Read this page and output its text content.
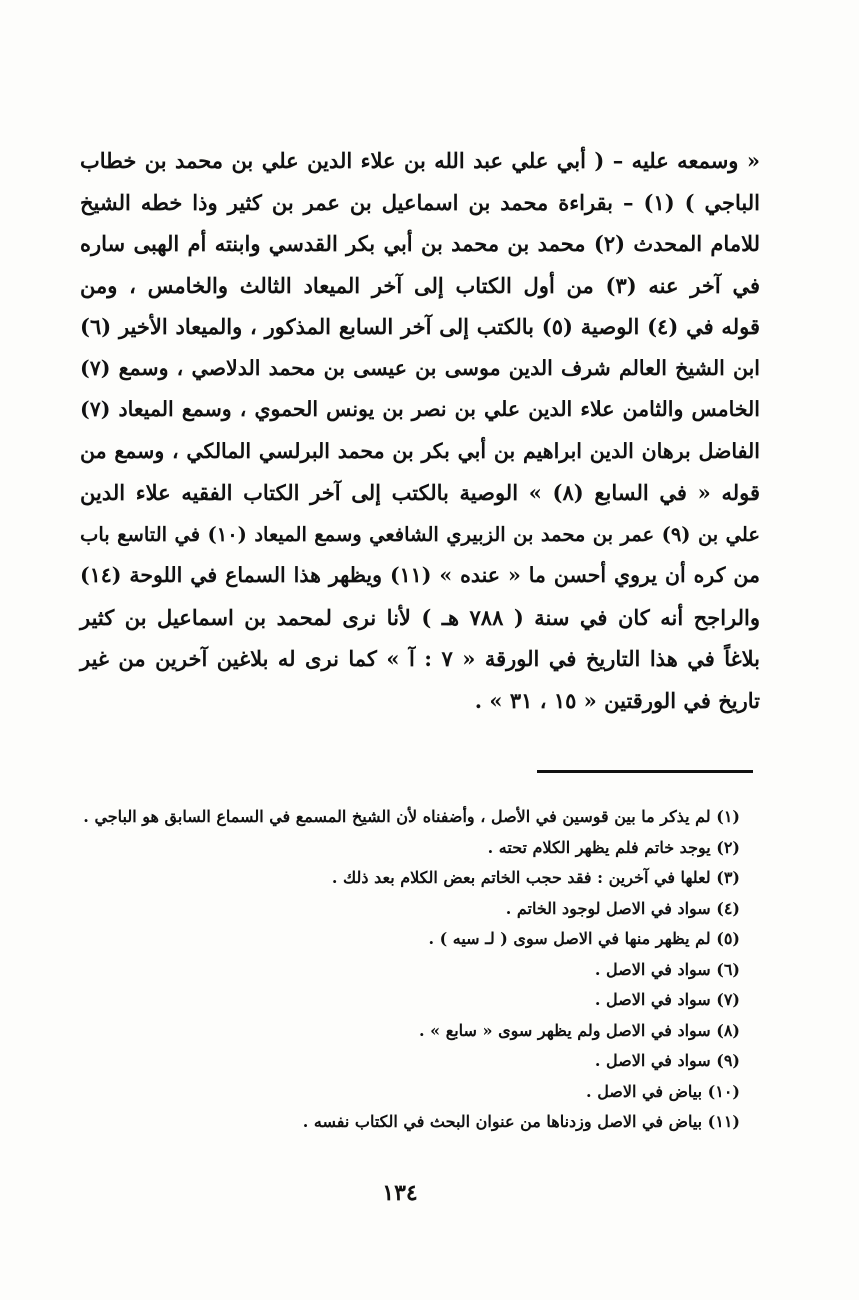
« وسمعه عليه – ( أبي علي عبد الله بن علاء الدين علي بن محمد بن خطاب
الباجي ) (١) – بقراءة محمد بن اسماعيل بن عمر بن كثير وذا خطه الشيخ
للامام المحدث (٢) محمد بن محمد بن أبي بكر القدسي وابنته أم الهبى ساره
في آخر عنه (٣) من أول الكتاب إلى آخر الميعاد الثالث والخامس ، ومن
قوله في (٤) الوصية (٥) بالكتب إلى آخر السابع المذكور ، والميعاد الأخير (٦)
ابن الشيخ العالم شرف الدين موسى بن عيسى بن محمد الدلاصي ، وسمع (٧)
الخامس والثامن علاء الدين علي بن نصر بن يونس الحموي ، وسمع الميعاد (٧)
الفاضل برهان الدين ابراهيم بن أبي بكر بن محمد البرلسي المالكي ، وسمع من
قوله « في السابع (٨) » الوصية بالكتب إلى آخر الكتاب الفقيه علاء الدين
علي بن (٩) عمر بن محمد بن الزبيري الشافعي وسمع الميعاد (١٠) في التاسع باب
من كره أن يروي أحسن ما « عنده » (١١) ويظهر هذا السماع في اللوحة (١٤)
والراجح أنه كان في سنة ( ٧٨٨ هـ ) لأنا نرى لمحمد بن اسماعيل بن كثير
بلاغاً في هذا التاريخ في الورقة « ٧ : آ » كما نرى له بلاغين آخرين من غير
تاريخ في الورقتين « ١٥ ، ٣١ » .
(١) لم يذكر ما بين قوسين في الأصل ، وأضفناه لأن الشيخ المسمع في السماع السابق هو الباجي .
(٢) يوجد خاتم فلم يظهر الكلام تحته .
(٣) لعلها في آخرين : فقد حجب الخاتم بعض الكلام بعد ذلك .
(٤) سواد في الاصل لوجود الخاتم .
(٥) لم يظهر منها في الاصل سوى ( لـ سيه ) .
(٦) سواد في الاصل .
(٧) سواد في الاصل .
(٨) سواد في الاصل ولم يظهر سوى « سابع » .
(٩) سواد في الاصل .
(١٠) بياض في الاصل .
(١١) بياض في الاصل وزدناها من عنوان البحث في الكتاب نفسه .
١٣٤
